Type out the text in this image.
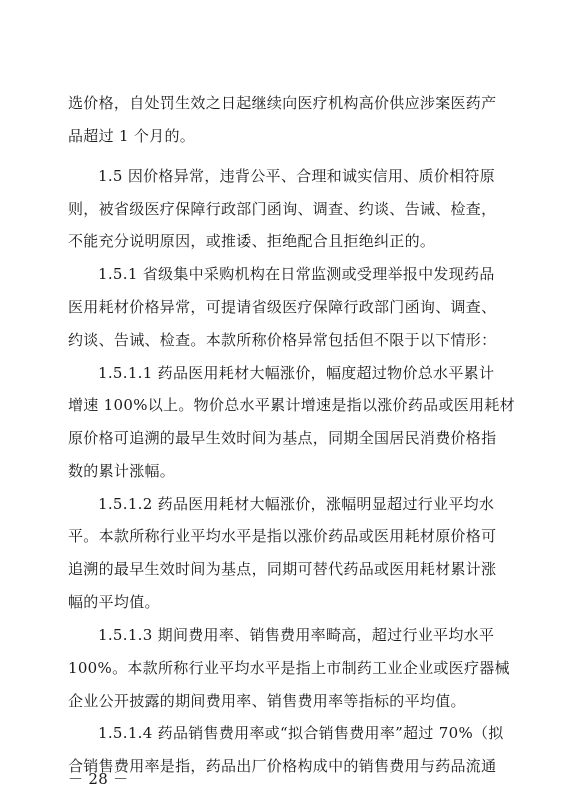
选价格，自处罚生效之日起继续向医疗机构高价供应涉案医药产
品超过 1 个月的。
1.5 因价格异常，违背公平、合理和诚实信用、质价相符原
则，被省级医疗保障行政部门函询、调查、约谈、告诫、检查，
不能充分说明原因，或推诿、拒绝配合且拒绝纠正的。
1.5.1 省级集中采购机构在日常监测或受理举报中发现药品
医用耗材价格异常，可提请省级医疗保障行政部门函询、调查、
约谈、告诫、检查。本款所称价格异常包括但不限于以下情形：
1.5.1.1 药品医用耗材大幅涨价，幅度超过物价总水平累计
增速 100%以上。物价总水平累计增速是指以涨价药品或医用耗材
原价格可追溯的最早生效时间为基点，同期全国居民消费价格指
数的累计涨幅。
1.5.1.2 药品医用耗材大幅涨价，涨幅明显超过行业平均水
平。本款所称行业平均水平是指以涨价药品或医用耗材原价格可
追溯的最早生效时间为基点，同期可替代药品或医用耗材累计涨
幅的平均值。
1.5.1.3 期间费用率、销售费用率畸高，超过行业平均水平
100%。本款所称行业平均水平是指上市制药工业企业或医疗器械
企业公开披露的期间费用率、销售费用率等指标的平均值。
1.5.1.4 药品销售费用率或“拟合销售费用率”超过 70%（拟
合销售费用率是指，药品出厂价格构成中的销售费用与药品流通
－ 28 －
